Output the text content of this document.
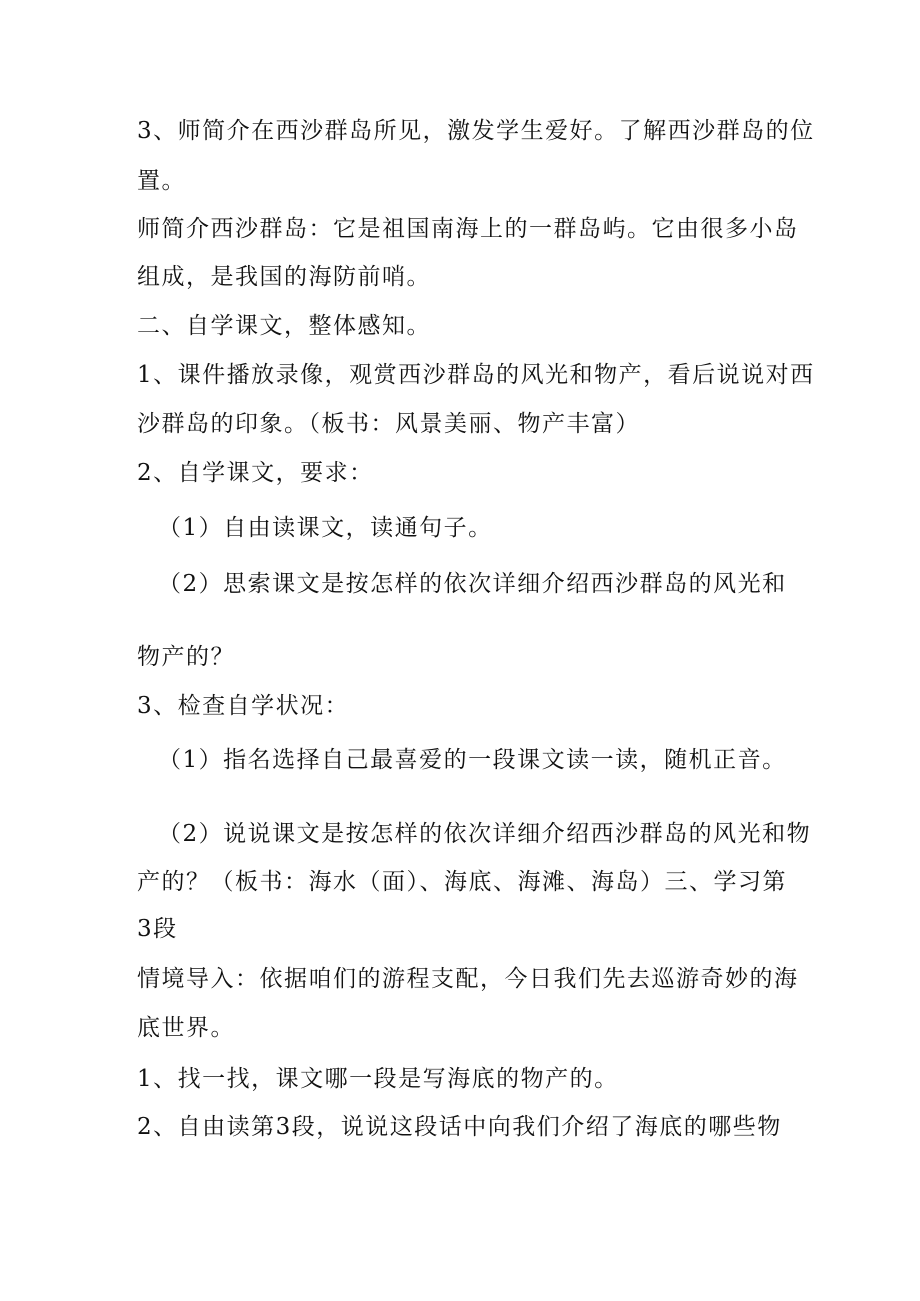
3、师简介在西沙群岛所见，激发学生爱好。了解西沙群岛的位
置。
师简介西沙群岛：它是祖国南海上的一群岛屿。它由很多小岛
组成，是我国的海防前哨。
二、自学课文，整体感知。
1、课件播放录像，观赏西沙群岛的风光和物产，看后说说对西
沙群岛的印象。（板书：风景美丽、物产丰富）
2、自学课文，要求：
（1）自由读课文，读通句子。
（2）思索课文是按怎样的依次详细介绍西沙群岛的风光和
物产的？
3、检查自学状况：
（1）指名选择自己最喜爱的一段课文读一读，随机正音。
（2）说说课文是按怎样的依次详细介绍西沙群岛的风光和物
产的？（板书：海水（面）、海底、海滩、海岛）三、学习第
3段
情境导入：依据咱们的游程支配，今日我们先去巡游奇妙的海
底世界。
1、找一找，课文哪一段是写海底的物产的。
2、自由读第3段，说说这段话中向我们介绍了海底的哪些物
